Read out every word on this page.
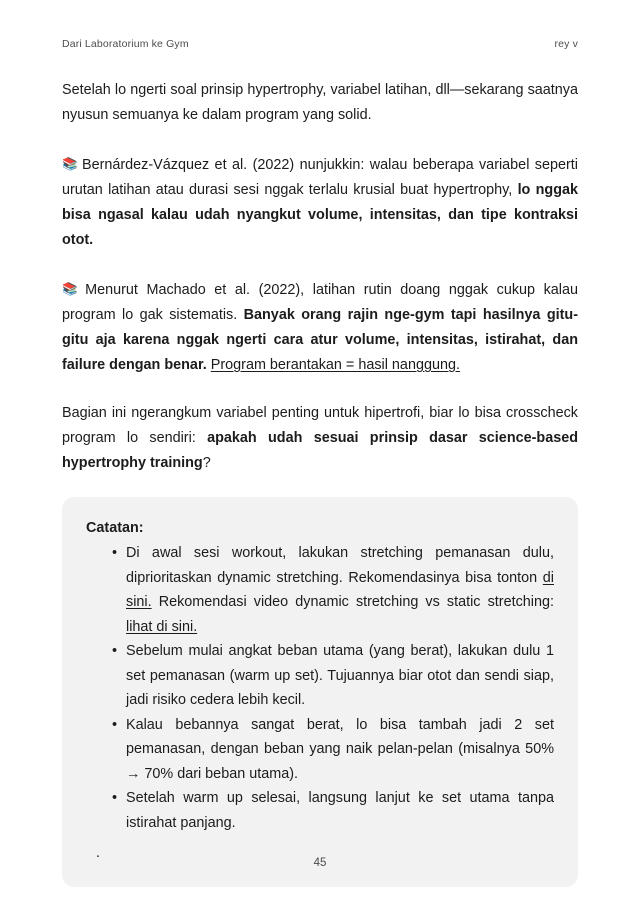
Dari Laboratorium ke Gym	rey v

Setelah lo ngerti soal prinsip hypertrophy, variabel latihan, dll—sekarang saatnya nyusun semuanya ke dalam program yang solid.

📚 Bernárdez-Vázquez et al. (2022) nunjukkin: walau beberapa variabel seperti urutan latihan atau durasi sesi nggak terlalu krusial buat hypertrophy, lo nggak bisa ngasal kalau udah nyangkut volume, intensitas, dan tipe kontraksi otot.

📚 Menurut Machado et al. (2022), latihan rutin doang nggak cukup kalau program lo gak sistematis. Banyak orang rajin nge-gym tapi hasilnya gitu-gitu aja karena nggak ngerti cara atur volume, intensitas, istirahat, dan failure dengan benar. Program berantakan = hasil nanggung.

Bagian ini ngerangkum variabel penting untuk hipertrofi, biar lo bisa crosscheck program lo sendiri: apakah udah sesuai prinsip dasar science-based hypertrophy training?

Catatan:
• Di awal sesi workout, lakukan stretching pemanasan dulu, diprioritaskan dynamic stretching. Rekomendasinya bisa tonton di sini. Rekomendasi video dynamic stretching vs static stretching: lihat di sini.
• Sebelum mulai angkat beban utama (yang berat), lakukan dulu 1 set pemanasan (warm up set). Tujuannya biar otot dan sendi siap, jadi risiko cedera lebih kecil.
• Kalau bebannya sangat berat, lo bisa tambah jadi 2 set pemanasan, dengan beban yang naik pelan-pelan (misalnya 50% → 70% dari beban utama).
• Setelah warm up selesai, langsung lanjut ke set utama tanpa istirahat panjang.
.
45
